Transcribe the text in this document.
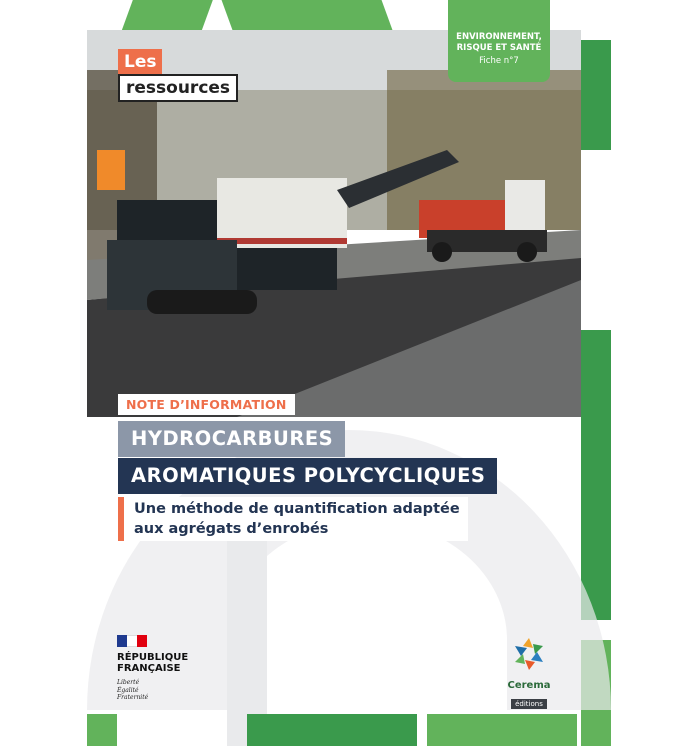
Les
ressources
ENVIRONNEMENT,
RISQUE ET SANTÉ
Fiche n°7
NOTE D’INFORMATION
HYDROCARBURES
AROMATIQUES POLYCYCLIQUES
Une méthode de quantification adaptée
aux agrégats d’enrobés
RÉPUBLIQUE
FRANÇAISE
Liberté
Égalité
Fraternité
Cerema
éditions
